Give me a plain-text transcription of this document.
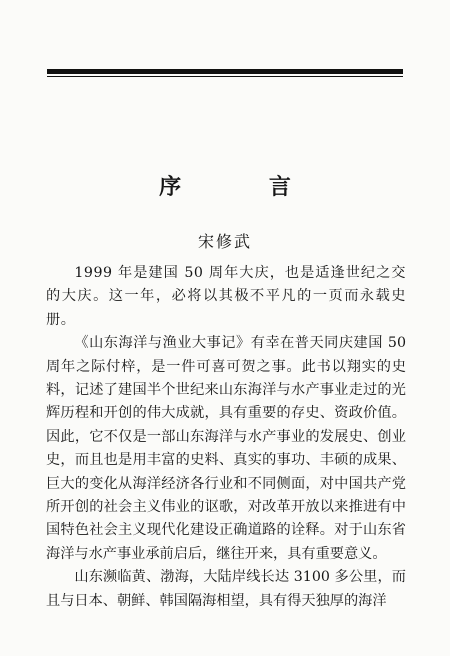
序 言
宋修武

1999 年是建国 50 周年大庆，也是适逢世纪之交的大庆。这一年，必将以其极不平凡的一页而永载史册。

《山东海洋与渔业大事记》有幸在普天同庆建国 50 周年之际付梓，是一件可喜可贺之事。此书以翔实的史料，记述了建国半个世纪来山东海洋与水产事业走过的光辉历程和开创的伟大成就，具有重要的存史、资政价值。因此，它不仅是一部山东海洋与水产事业的发展史、创业史，而且也是用丰富的史料、真实的事功、丰硕的成果、巨大的变化从海洋经济各行业和不同侧面，对中国共产党所开创的社会主义伟业的讴歌，对改革开放以来推进有中国特色社会主义现代化建设正确道路的诠释。对于山东省海洋与水产事业承前启后，继往开来，具有重要意义。

山东濒临黄、渤海，大陆岸线长达 3100 多公里，而且与日本、朝鲜、韩国隔海相望，具有得天独厚的海洋
